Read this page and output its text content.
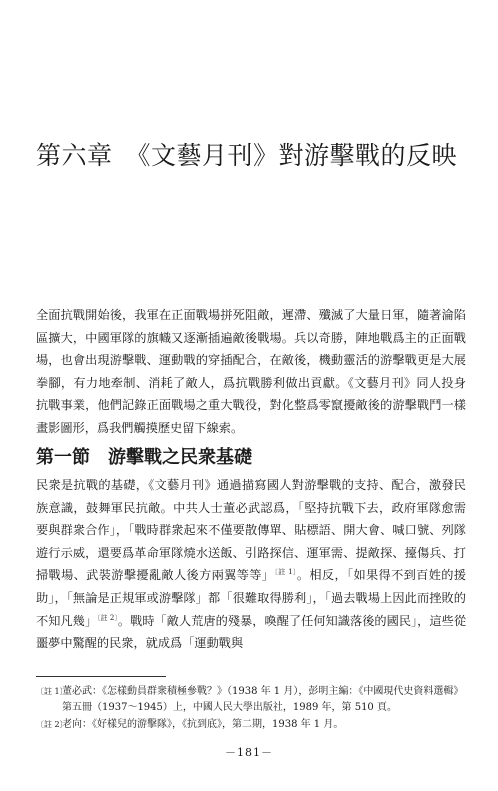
第六章　《文藝月刊》對游擊戰的反映

全面抗戰開始後，我軍在正面戰場拼死阻敵，遲滯、殲滅了大量日軍，隨著淪陷區擴大，中國軍隊的旗幟又逐漸插遍敵後戰場。兵以奇勝，陣地戰爲主的正面戰場，也會出現游擊戰、運動戰的穿插配合，在敵後，機動靈活的游擊戰更是大展拳腳，有力地牽制、消耗了敵人，爲抗戰勝利做出貢獻。《文藝月刊》同人投身抗戰事業，他們記錄正面戰場之重大戰役，對化整爲零竄擾敵後的游擊戰鬥一樣畫影圖形，爲我們觸摸歷史留下線索。

第一節 游擊戰之民衆基礎

民衆是抗戰的基礎，《文藝月刊》通過描寫國人對游擊戰的支持、配合，激發民族意識，鼓舞軍民抗敵。中共人士董必武認爲，「堅持抗戰下去，政府軍隊愈需要與群衆合作」，「戰時群衆起來不僅要散傳單、貼標語、開大會、喊口號、列隊遊行示威，還要爲革命軍隊燒水送飯、引路探信、運軍需、提敵探、擡傷兵、打掃戰場、武裝游擊擾亂敵人後方兩翼等等」$^{〔註 1〕}$。相反，「如果得不到百姓的援助」，「無論是正規軍或游擊隊」都「很難取得勝利」，「過去戰場上因此而挫敗的不知凡幾」$^{〔註 2〕}$。戰時「敵人荒唐的殘暴，喚醒了任何知識落後的國民」，這些從噩夢中驚醒的民衆，就成爲「運動戰與

〔註 1〕
董必武：《怎樣動員群衆積極參戰？》（1938 年 1 月），彭明主編：《中國現代史資料選輯》第五冊（1937～1945）上，中國人民大學出版社，1989 年，第 510 頁。

〔註 2〕
老向：《好樣兒的游擊隊》，《抗到底》，第二期，1938 年 1 月。

－181－
